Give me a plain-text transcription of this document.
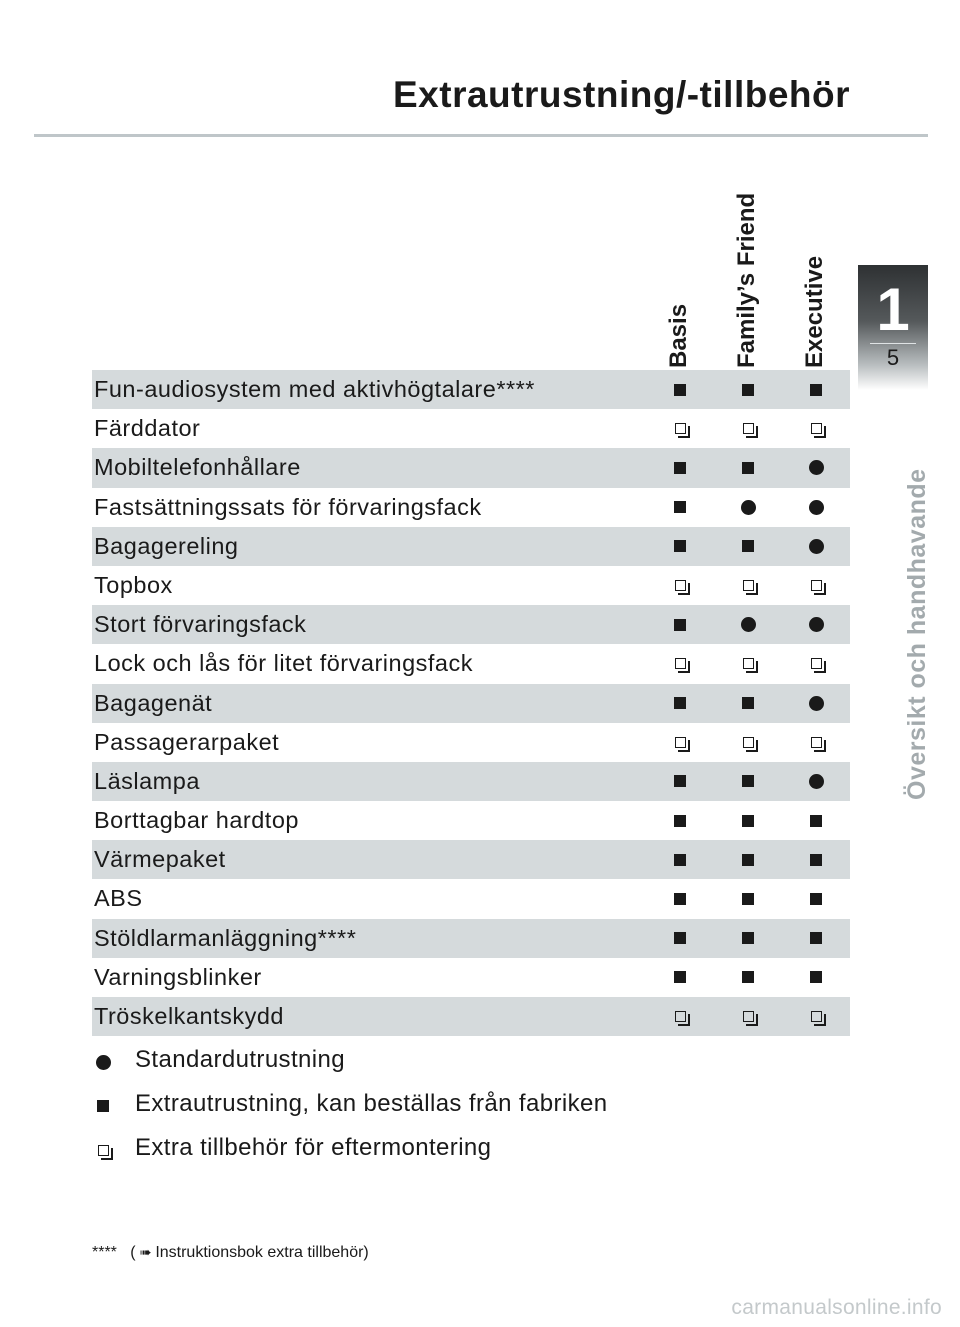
Extrautrustning/-tillbehör
Basis Family’s Friend Executive
Fun-audiosystem med aktivhögtalare****
Färddator
Mobiltelefonhållare
Fastsättningssats för förvaringsfack
Bagagereling
Topbox
Stort förvaringsfack
Lock och lås för litet förvaringsfack
Bagagenät
Passagerarpaket
Läslampa
Borttagbar hardtop
Värmepaket
ABS
Stöldlarmanläggning****
Varningsblinker
Tröskelkantskydd
Standardutrustning
Extrautrustning, kan beställas från fabriken
Extra tillbehör för eftermontering
**** ( ➠ Instruktionsbok extra tillbehör)
1
5
Översikt och handhavande
carmanualsonline.info
